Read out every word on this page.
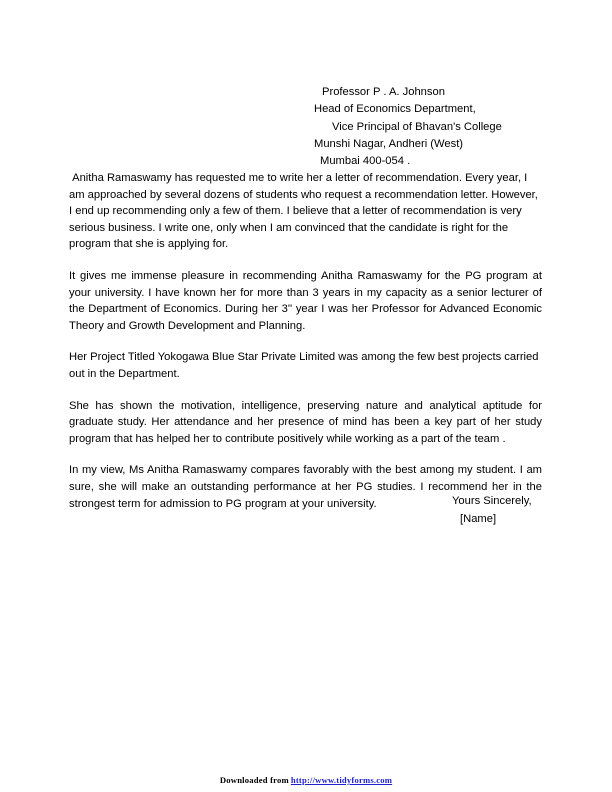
Professor P . A. Johnson
Head of Economics Department,
Vice Principal of Bhavan's College
Munshi Nagar, Andheri (West)
Mumbai 400-054 .

Anitha Ramaswamy has requested me to write her a letter of recommendation. Every year, I am approached by several dozens of students who request a recommendation letter. However, I end up recommending only a few of them. I believe that a letter of recommendation is very serious business. I write one, only when I am convinced that the candidate is right for the program that she is applying for.

It gives me immense pleasure in recommending Anitha Ramaswamy for the PG program at your university. I have known her for more than 3 years in my capacity as a senior lecturer of the Department of Economics. During her 3'' year I was her Professor for Advanced Economic Theory and Growth Development and Planning.

Her Project Titled Yokogawa Blue Star Private Limited was among the few best projects carried out in the Department.

She has shown the motivation, intelligence, preserving nature and analytical aptitude for graduate study. Her attendance and her presence of mind has been a key part of her study program that has helped her to contribute positively while working as a part of the team .

In my view, Ms Anitha Ramaswamy compares favorably with the best among my student. I am sure, she will make an outstanding performance at her PG studies. I recommend her in the strongest term for admission to PG program at your university.	Yours Sincerely,
[Name]
Downloaded from http://www.tidyforms.com
